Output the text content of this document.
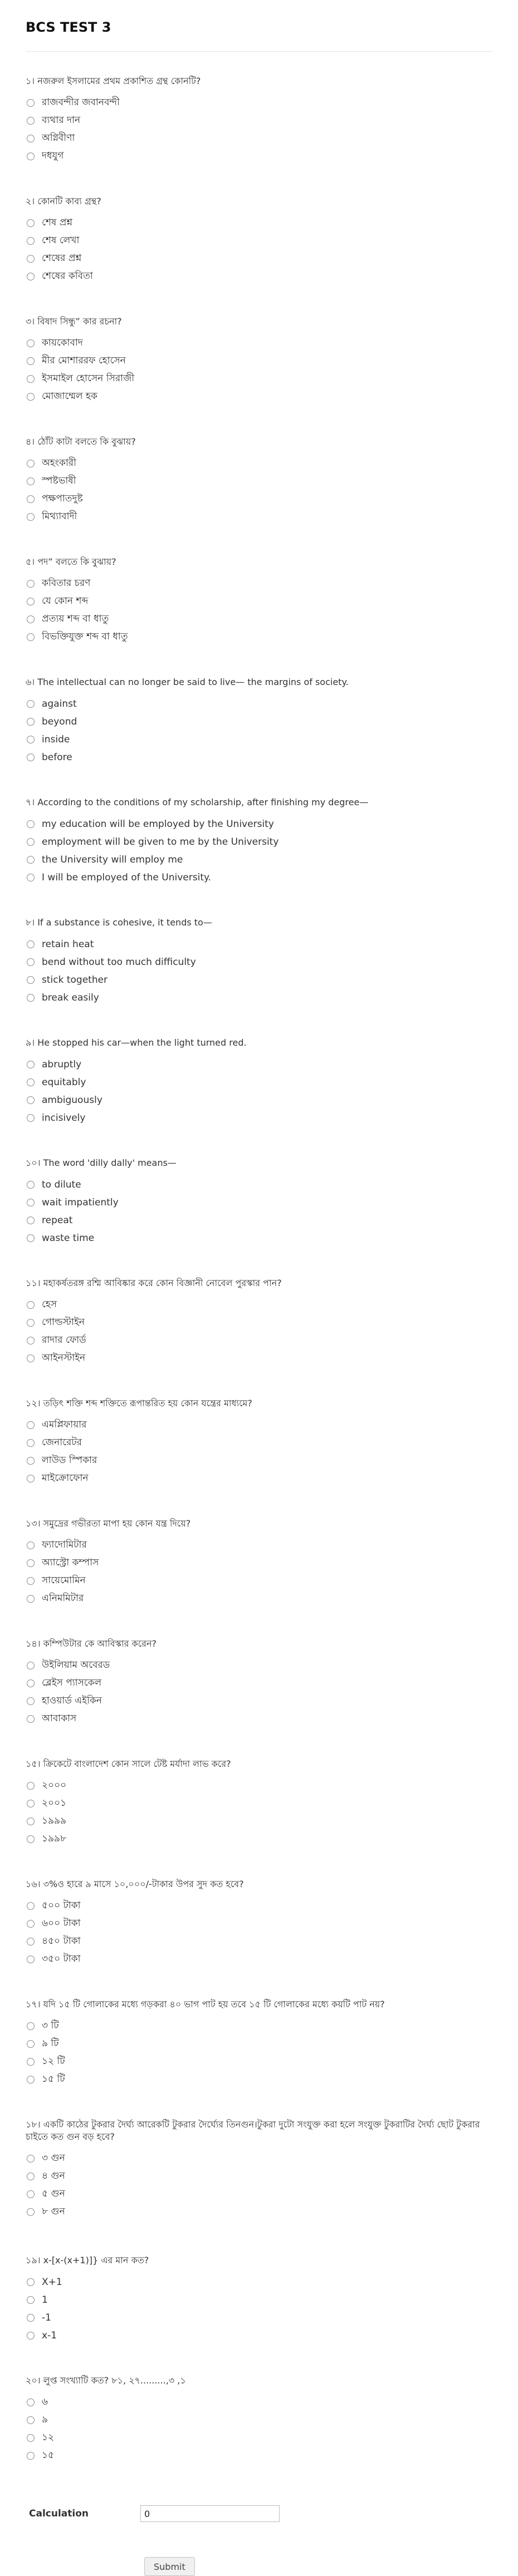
BCS TEST 3
১। নজরুল ইসলামের প্রথম প্রকাশিত গ্রন্থ কোনটি?
রাজবন্দীর জবানবন্দী
ব্যথার দান
অগ্নিবীণা
দধযুগ
২। কোনটি কাব্য গ্রন্থ?
শেষ প্রশ্ন
শেষ লেখা
শেষের প্রশ্ন
শেষের কবিতা
৩। বিষাদ সিন্ধু” কার রচনা?
কায়কোবাদ
মীর মোশাররফ হোসেন
ইসমাইল হোসেন সিরাজী
মোজাম্মেল হক
৪। ঠোঁট কাটা বলতে কি বুঝায়?
অহংকারী
স্পষ্টভাষী
পক্ষপাতদুষ্ট
মিথ্যাবাদী
৫। পদ” বলতে কি বুঝায়?
কবিতার চরণ
যে কোন শব্দ
প্রত্যয় শব্দ বা ধাতু
বিভক্তিযুক্ত শব্দ বা ধাতু
৬। The intellectual can no longer be said to live— the margins of society.
against
beyond
inside
before
৭। According to the conditions of my scholarship, after finishing my degree—
my education will be employed by the University
employment will be given to me by the University
the University will employ me
I will be employed of the University.
৮। If a substance is cohesive, it tends to—
retain heat
bend without too much difficulty
stick together
break easily
৯। He stopped his car—when the light turned red.
abruptly
equitably
ambiguously
incisively
১০। The word 'dilly dally' means—
to dilute
wait impatiently
repeat
waste time
১১। মহাকর্ষতরঙ্গ রশ্মি আবিষ্কার করে কোন বিজ্ঞানী নোবেল পুরস্কার পান?
হেস
গোল্ডস্টাইন
রাদার ফোর্ড
আইনস্টাইন
১২। তড়িৎ শক্তি শব্দ শক্তিতে রূপান্তরিত হয় কোন যন্ত্রের মাধ্যমে?
এমপ্লিফায়ার
জেনারেটর
লাউড স্পিকার
মাইক্রোফোন
১৩। সমুদ্রের গভীরতা মাপা হয় কোন যন্ত্র দিয়ে?
ফ্যাদোমিটার
অ্যাস্ট্রো কম্পাস
সায়েমোমিন
এনিমমিটার
১৪। কম্পিউটার কে আবিস্কার করেন?
উইলিয়াম অবেরড
ব্লেইস প্যাসকেল
হাওয়ার্ড এইকিন
আবাকাস
১৫। ক্রিকেটে বাংলাদেশ কোন সালে টেষ্ট মর্যাদা লাভ করে?
২০০০
২০০১
১৯৯৯
১৯৯৮
১৬। ৩%ও হারে ৯ মাসে ১০,০০০/-টাকার উপর সুদ কত হবে?
৫০০ টাকা
৬০০ টাকা
৪৫০ টাকা
৩৫০ টাকা
১৭। যদি ১৫ টি গোলাকের মধ্যে গড়করা ৪০ ভাগ পাট হয় তবে ১৫ টি গোলাকের মধ্যে কয়টি পাট নয়?
৩ টি
৯ টি
১২ টি
১৫ টি
১৮। একটি কাঠের টুকরার দৈর্ঘ্য আরেকটি টুকরার দৈর্ঘ্যের তিনগুন।টুকরা দুটো সংযুক্ত করা হলে সংযুক্ত টুকরাটির দৈর্ঘ্য ছোট টুকরার চাইতে কত গুন বড় হবে?
৩ গুন
৪ গুন
৫ গুন
৮ গুন
১৯। x-[x-(x+1)]} এর মান কত?
X+1
1
-1
x-1
২০। লুপ্ত সংখ্যাটি কত? ৮১, ২৭.........,৩ ,১
৬
৯
১২
১৫
Calculation
0
Submit
